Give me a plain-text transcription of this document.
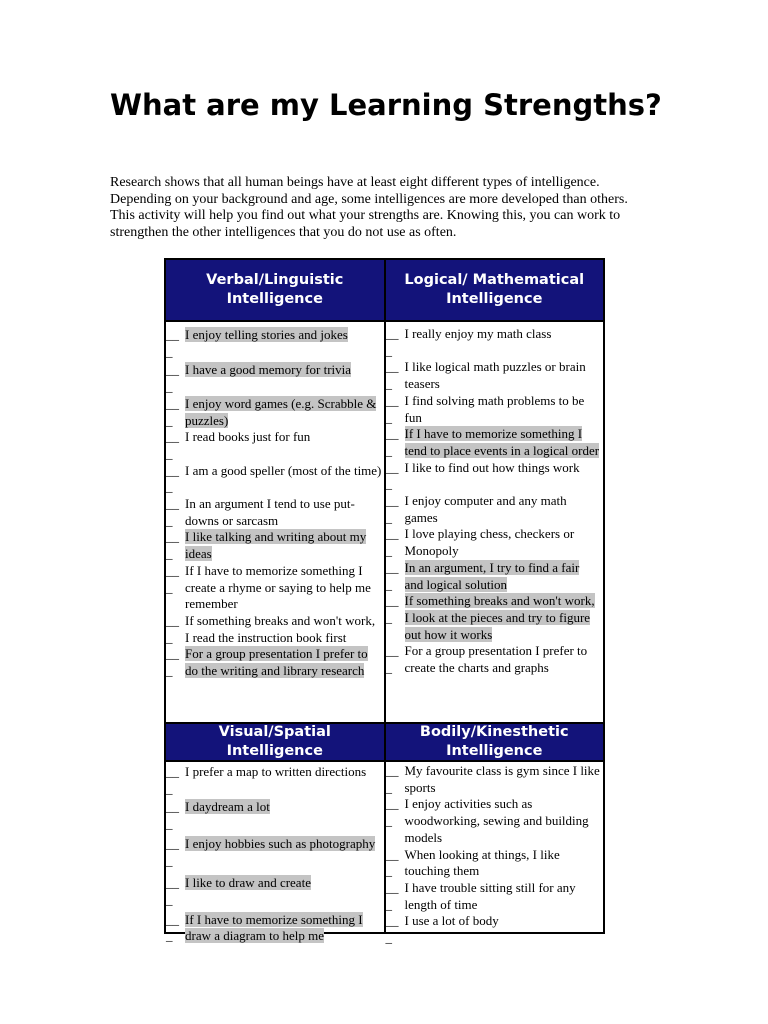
What are my Learning Strengths?

Research shows that all human beings have at least eight different types of intelligence. Depending on your background and age, some intelligences are more developed than others. This activity will help you find out what your strengths are. Knowing this, you can work to strengthen the other intelligences that you do not use as often.

Verbal/Linguistic Intelligence
Logical/ Mathematical Intelligence
__
_
I enjoy telling stories and jokes
__
_
I have a good memory for trivia
__
_
I enjoy word games (e.g. Scrabble & puzzles)
__
_
I read books just for fun
__
_
I am a good speller (most of the time)
__
_
In an argument I tend to use put-downs or sarcasm
__
_
I like talking and writing about my ideas
__
_
If I have to memorize something I create a rhyme or saying to help me remember
__
_
If something breaks and won't work, I read the instruction book first
__
_
For a group presentation I prefer to do the writing and library research
__
_
I really enjoy my math class
__
_
I like logical math puzzles or brain teasers
__
_
I find solving math problems to be fun
__
_
If I have to memorize something I tend to place events in a logical order
__
_
I like to find out how things work
__
_
I enjoy computer and any math games
__
_
I love playing chess, checkers or Monopoly
__
_
In an argument, I try to find a fair and logical solution
__
_
If something breaks and won't work, I look at the pieces and try to figure out how it works
__
_
For a group presentation I prefer to create the charts and graphs
Visual/Spatial Intelligence
Bodily/Kinesthetic Intelligence
__
_
I prefer a map to written directions
__
_
I daydream a lot
__
_
I enjoy hobbies such as photography
__
_
I like to draw and create
__
_
If I have to memorize something I draw a diagram to help me
__
_
My favourite class is gym since I like sports
__
_
I enjoy activities such as woodworking, sewing and building models
__
_
When looking at things, I like touching them
__
_
I have trouble sitting still for any length of time
__
_
I use a lot of body
